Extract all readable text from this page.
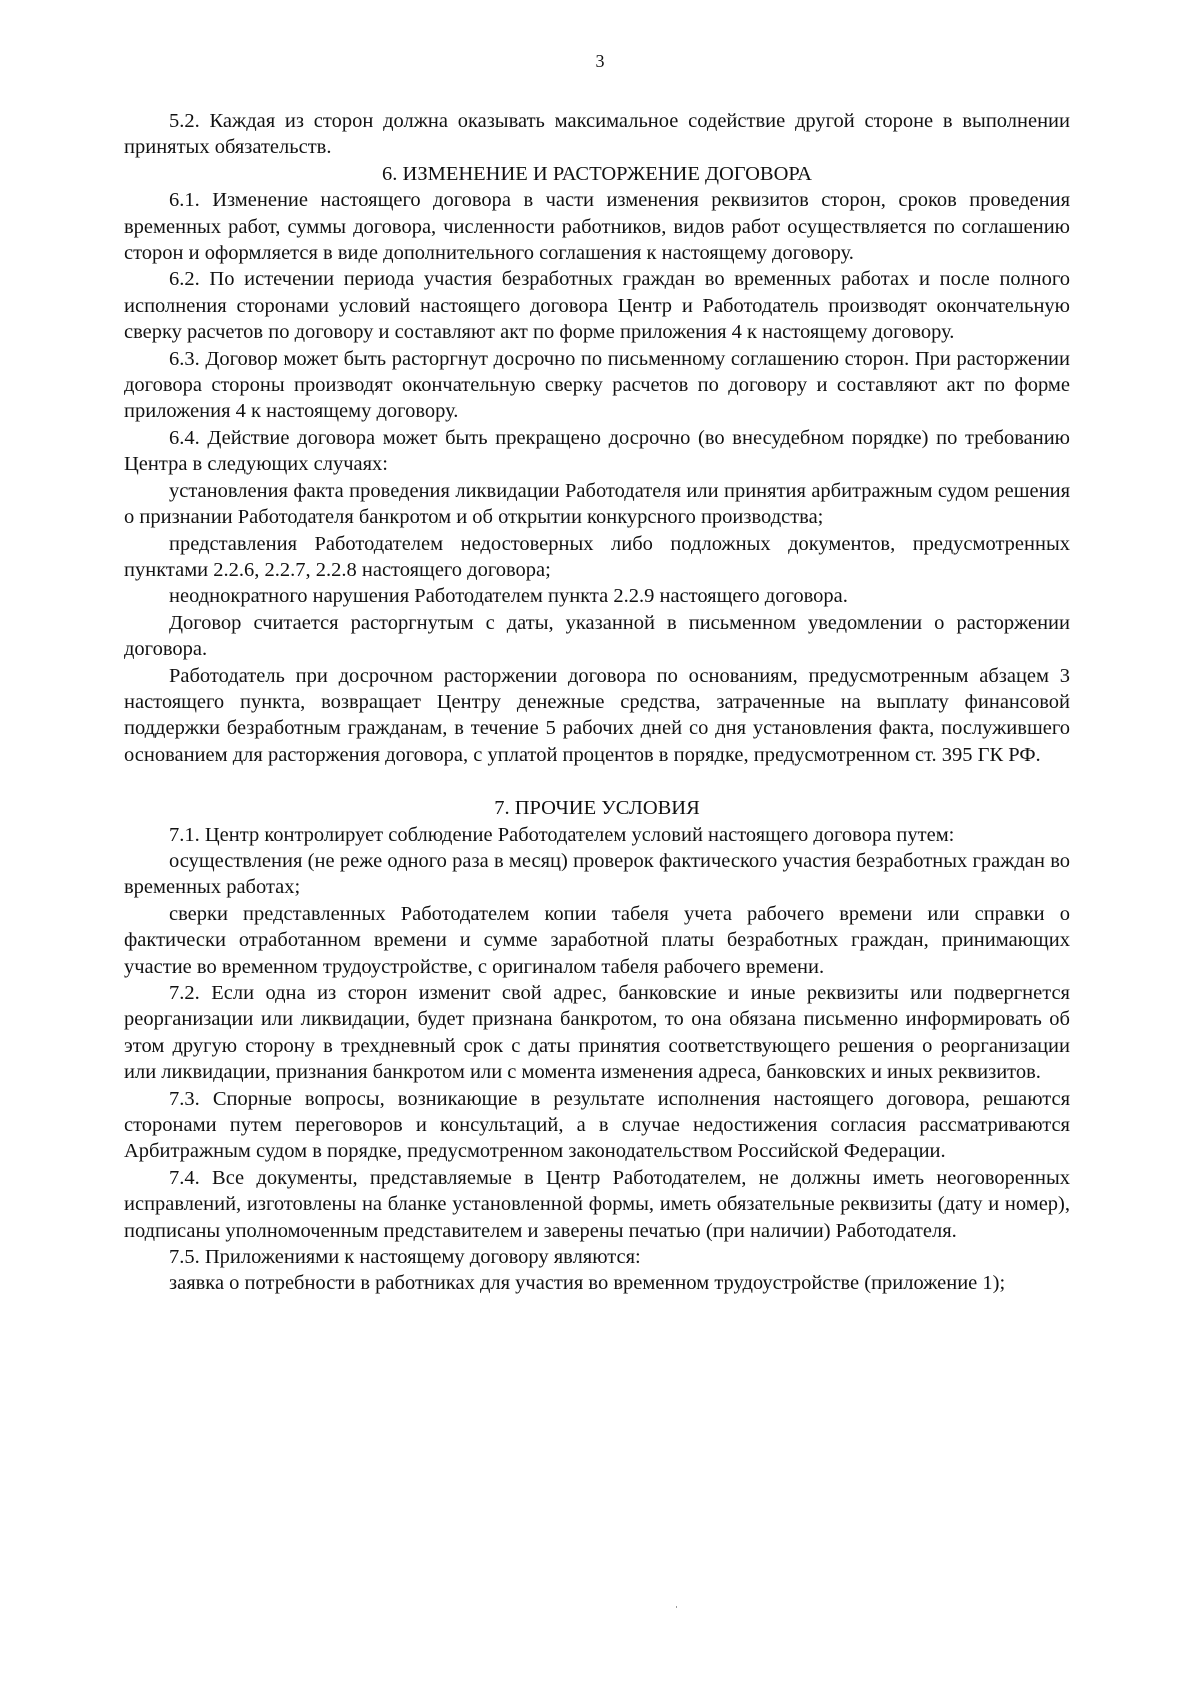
3

5.2. Каждая из сторон должна оказывать максимальное содействие другой стороне в выполнении принятых обязательств.

6. ИЗМЕНЕНИЕ И РАСТОРЖЕНИЕ ДОГОВОРА

6.1. Изменение настоящего договора в части изменения реквизитов сторон, сроков проведения временных работ, суммы договора, численности работников, видов работ осуществляется по соглашению сторон и оформляется в виде дополнительного соглашения к настоящему договору.

6.2. По истечении периода участия безработных граждан во временных работах и после полного исполнения сторонами условий настоящего договора Центр и Работодатель производят окончательную сверку расчетов по договору и составляют акт по форме приложения 4 к настоящему договору.

6.3. Договор может быть расторгнут досрочно по письменному соглашению сторон. При расторжении договора стороны производят окончательную сверку расчетов по договору и составляют акт по форме приложения 4 к настоящему договору.

6.4. Действие договора может быть прекращено досрочно (во внесудебном порядке) по требованию Центра в следующих случаях:

установления факта проведения ликвидации Работодателя или принятия арбитражным судом решения о признании Работодателя банкротом и об открытии конкурсного производства;

представления Работодателем недостоверных либо подложных документов, предусмотренных пунктами 2.2.6, 2.2.7, 2.2.8 настоящего договора;

неоднократного нарушения Работодателем пункта 2.2.9 настоящего договора.

Договор считается расторгнутым с даты, указанной в письменном уведомлении о расторжении договора.

Работодатель при досрочном расторжении договора по основаниям, предусмотренным абзацем 3 настоящего пункта, возвращает Центру денежные средства, затраченные на выплату финансовой поддержки безработным гражданам, в течение 5 рабочих дней со дня установления факта, послужившего основанием для расторжения договора, с уплатой процентов в порядке, предусмотренном ст. 395 ГК РФ.

7. ПРОЧИЕ УСЛОВИЯ

7.1. Центр контролирует соблюдение Работодателем условий настоящего договора путем:

осуществления (не реже одного раза в месяц) проверок фактического участия безработных граждан во временных работах;

сверки представленных Работодателем копии табеля учета рабочего времени или справки о фактически отработанном времени и сумме заработной платы безработных граждан, принимающих участие во временном трудоустройстве, с оригиналом табеля рабочего времени.

7.2. Если одна из сторон изменит свой адрес, банковские и иные реквизиты или подвергнется реорганизации или ликвидации, будет признана банкротом, то она обязана письменно информировать об этом другую сторону в трехдневный срок с даты принятия соответствующего решения о реорганизации или ликвидации, признания банкротом или с момента изменения адреса, банковских и иных реквизитов.

7.3. Спорные вопросы, возникающие в результате исполнения настоящего договора, решаются сторонами путем переговоров и консультаций, а в случае недостижения согласия рассматриваются Арбитражным судом в порядке, предусмотренном законодательством Российской Федерации.

7.4. Все документы, представляемые в Центр Работодателем, не должны иметь неоговоренных исправлений, изготовлены на бланке установленной формы, иметь обязательные реквизиты (дату и номер), подписаны уполномоченным представителем и заверены печатью (при наличии) Работодателя.

7.5. Приложениями к настоящему договору являются:

заявка о потребности в работниках для участия во временном трудоустройстве (приложение 1);
